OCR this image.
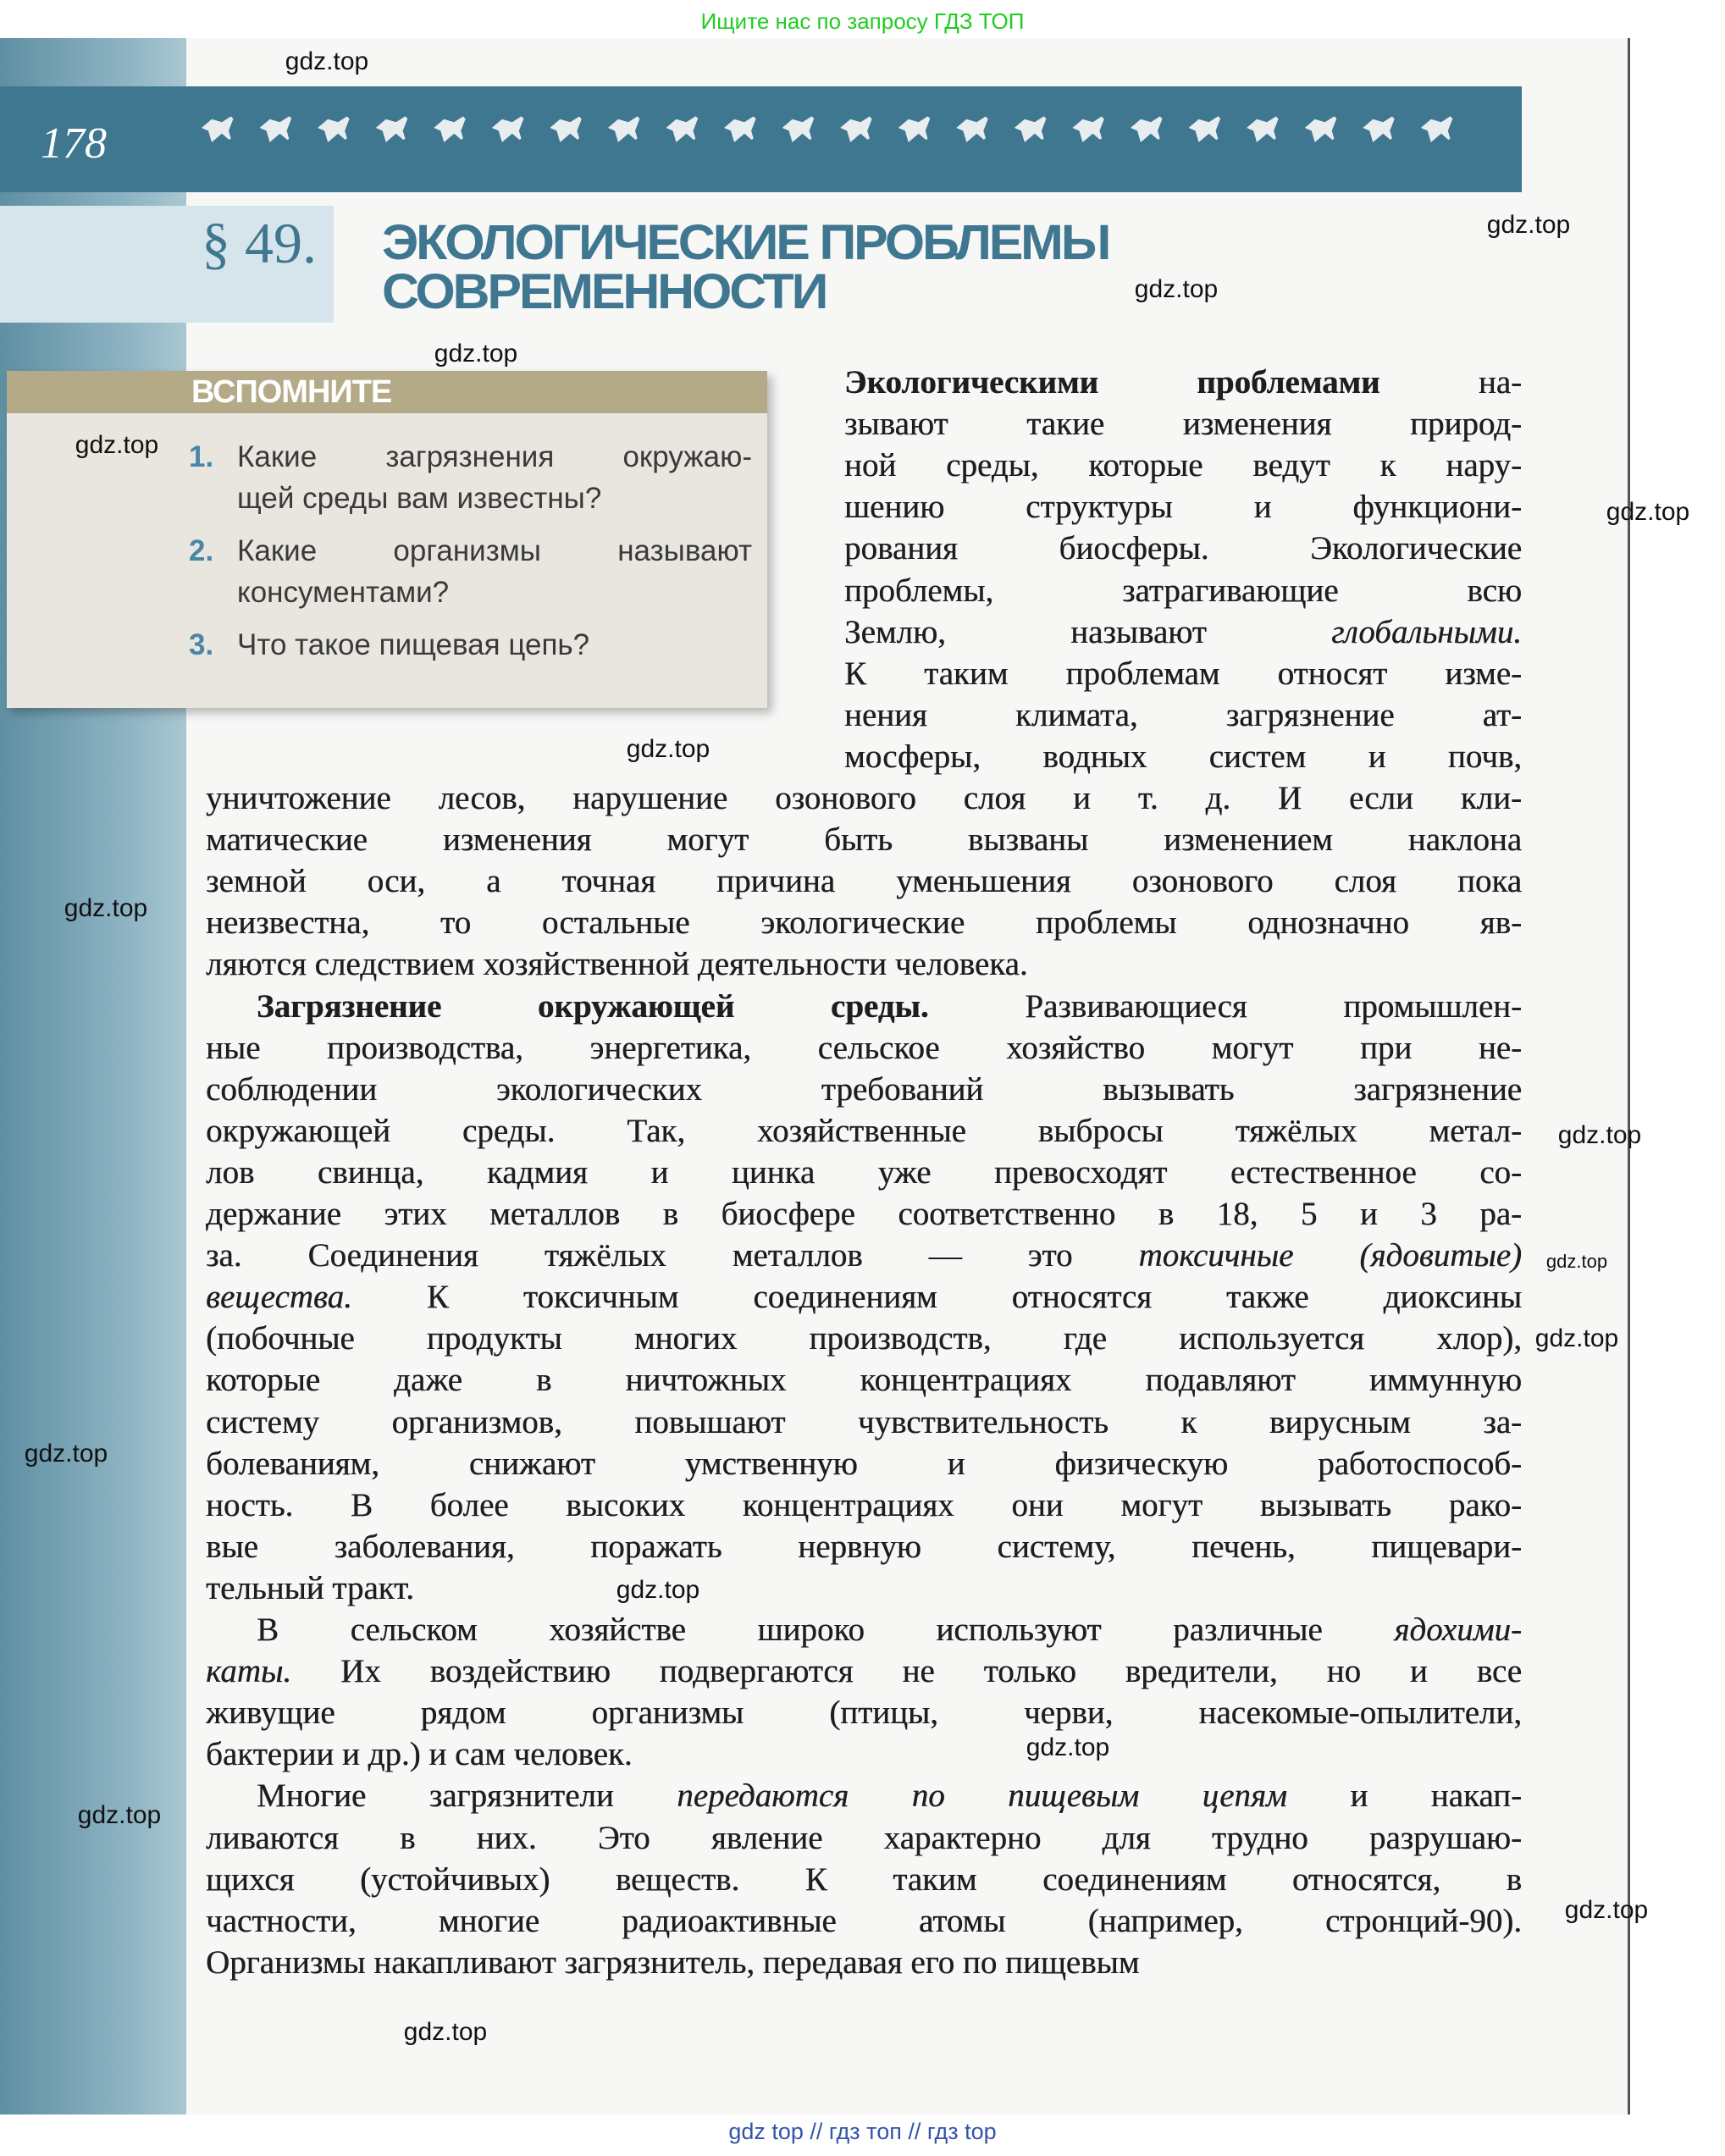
Ищите нас по запросу ГДЗ ТОП
178
§ 49. ЭКОЛОГИЧЕСКИЕ ПРОБЛЕМЫ
СОВРЕМЕННОСТИ
ВСПОМНИТЕ
1. Какие загрязнения окружаю-
щей среды вам известны?
2. Какие организмы называют
консументами?
3. Что такое пищевая цепь?
Экологическими проблемами на-
зывают такие изменения природ-
ной среды, которые ведут к нару-
шению структуры и функциони-
рования биосферы. Экологические
проблемы, затрагивающие всю
Землю, называют глобальными.
К таким проблемам относят изме-
нения климата, загрязнение ат-
мосферы, водных систем и почв,
уничтожение лесов, нарушение озонового слоя и т. д. И если кли-
матические изменения могут быть вызваны изменением наклона
земной оси, а точная причина уменьшения озонового слоя пока
неизвестна, то остальные экологические проблемы однозначно яв-
ляются следствием хозяйственной деятельности человека.
Загрязнение окружающей среды. Развивающиеся промышлен-
ные производства, энергетика, сельское хозяйство могут при не-
соблюдении экологических требований вызывать загрязнение
окружающей среды. Так, хозяйственные выбросы тяжёлых метал-
лов свинца, кадмия и цинка уже превосходят естественное со-
держание этих металлов в биосфере соответственно в 18, 5 и 3 ра-
за. Соединения тяжёлых металлов — это токсичные (ядовитые)
вещества. К токсичным соединениям относятся также диоксины
(побочные продукты многих производств, где используется хлор),
которые даже в ничтожных концентрациях подавляют иммунную
систему организмов, повышают чувствительность к вирусным за-
болеваниям, снижают умственную и физическую работоспособ-
ность. В более высоких концентрациях они могут вызывать рако-
вые заболевания, поражать нервную систему, печень, пищевари-
тельный тракт.
В сельском хозяйстве широко используют различные ядохими-
каты. Их воздействию подвергаются не только вредители, но и все
живущие рядом организмы (птицы, черви, насекомые-опылители,
бактерии и др.) и сам человек.
Многие загрязнители передаются по пищевым цепям и накап-
ливаются в них. Это явление характерно для трудно разрушаю-
щихся (устойчивых) веществ. К таким соединениям относятся, в
частности, многие радиоактивные атомы (например, стронций-90).
Организмы накапливают загрязнитель, передавая его по пищевым
gdz.top
gdz.top
gdz.top
gdz.top
gdz.top
gdz.top
gdz.top
gdz.top
gdz.top
gdz.top
gdz.top
gdz.top
gdz.top
gdz.top
gdz.top
gdz.top
gdz.top
gdz top // гдз топ // гдз top
